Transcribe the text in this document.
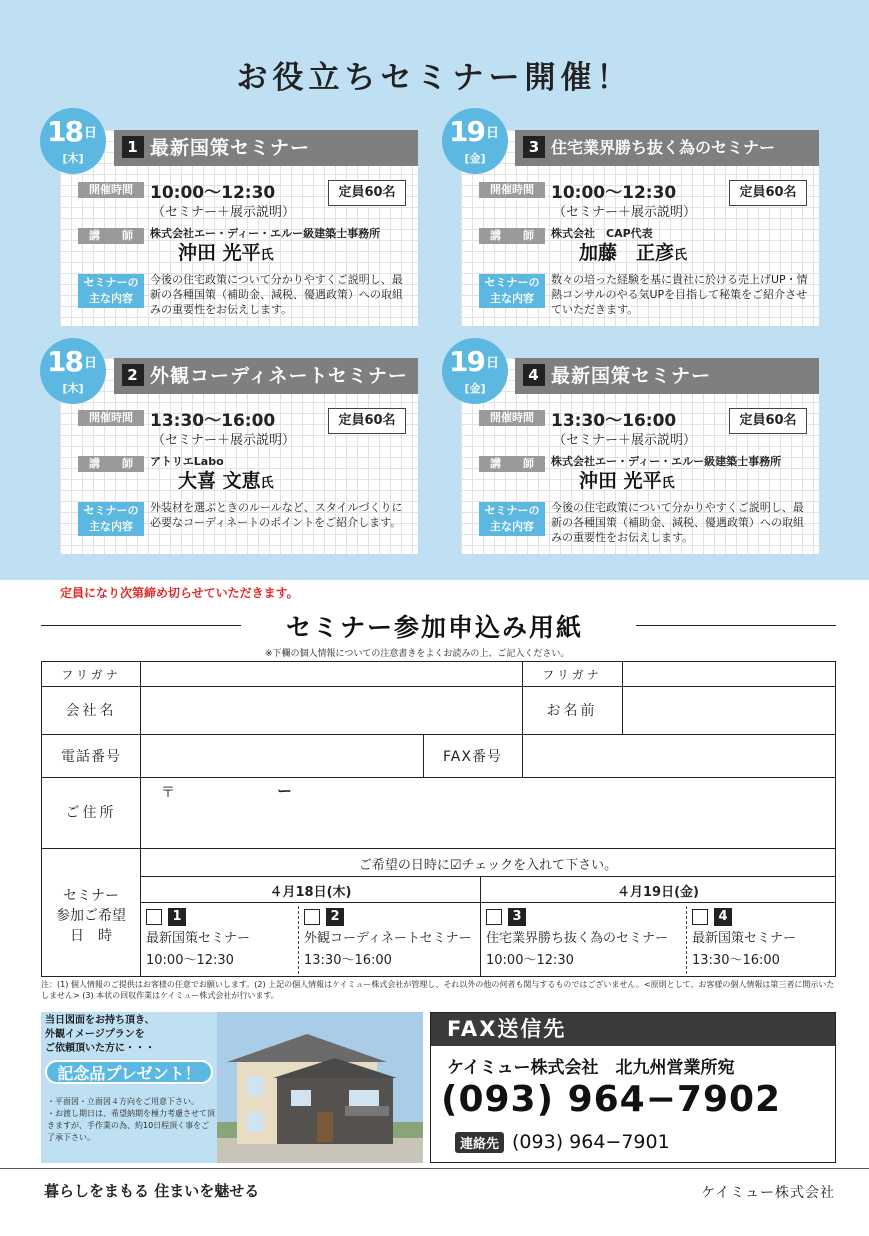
お役立ちセミナー開催！
18 日
[木]
1 最新国策セミナー
開催時間	10:00～12:30
（セミナー＋展示説明）
定員60名
講　　師	株式会社エー・ディー・エルー級建築士事務所
沖田 光平氏
セミナーの
主な内容
今後の住宅政策について分かりやすくご説明し、最新の各種国策（補助金、減税、優遇政策）への取組みの重要性をお伝えします。
19 日
[金]
3 住宅業界勝ち抜く為のセミナー
開催時間	10:00～12:30
（セミナー＋展示説明）
定員60名
講　　師	株式会社　CAP代表
加藤　正彦氏
セミナーの
主な内容
数々の培った経験を基に貴社に於ける売上げUP・情熱コンサルのやる気UPを目指して秘策をご紹介させていただきます。
18 日
[木]
2 外観コーディネートセミナー
開催時間	13:30～16:00
（セミナー＋展示説明）
定員60名
講　　師	アトリエLabo
大喜 文恵氏
セミナーの
主な内容
外装材を選ぶときのルールなど、スタイルづくりに必要なコーディネートのポイントをご紹介します。
19 日
[金]
4 最新国策セミナー
開催時間	13:30～16:00
（セミナー＋展示説明）
定員60名
講　　師	株式会社エー・ディー・エルー級建築士事務所
沖田 光平氏
セミナーの
主な内容
今後の住宅政策について分かりやすくご説明し、最新の各種国策（補助金、減税、優遇政策）への取組みの重要性をお伝えします。
定員になり次第締め切らせていただきます。
セミナー参加申込み用紙
※下欄の個人情報についての注意書きをよくお読みの上、ご記入ください。
フリガナ	フリガナ
会社名	お名前
電話番号	FAX番号
ご住所
〒	ー
セミナー
参加ご希望
日　時
ご希望の日時に☑チェックを入れて下さい。
４月18日(木)	４月19日(金)
1
最新国策セミナー
10:00～12:30
2
外観コーディネートセミナー
13:30～16:00
3
住宅業界勝ち抜く為のセミナー
10:00～12:30
4
最新国策セミナー
13:30～16:00
注：(1) 個人情報のご提供はお客様の任意でお願いします。(2) 上記の個人情報はケイミュー株式会社が管理し、それ以外の他の何者も関与するものではございません。<原則として、お客様の個人情報は第三者に開示いたしません> (3) 本状の回収作業はケイミュー株式会社が行います。
当日図面をお持ち頂き、
外観イメージプランを
ご依頼頂いた方に・・・
記念品プレゼント！
・平面図・立面図４方向をご用意下さい。
・お渡し期日は、希望納期を極力考慮させて頂きますが、手作業の為、約10日程頂く事をご了承下さい。
FAX送信先
ケイミュー株式会社　北九州営業所宛
(093) 964−7902
連絡先 (093) 964−7901
暮らしをまもる 住まいを魅せる	ケイミュー株式会社
